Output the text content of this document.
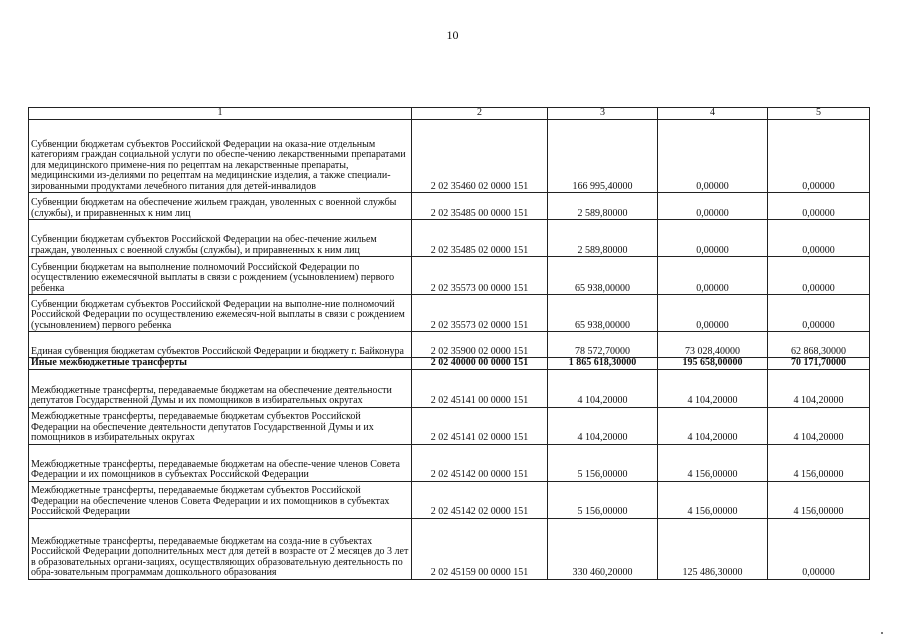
10
1	2	3	4	5
Субвенции бюджетам субъектов Российской Федерации на оказа-ние отдельным категориям граждан социальной услуги по обеспе-чению лекарственными препаратами для медицинского примене-ния по рецептам на лекарственные препараты, медицинскими из-делиями по рецептам на медицинские изделия, а также специали-зированными продуктами лечебного питания для детей-инвалидов	2 02 35460 02 0000 151	166 995,40000	0,00000	0,00000
Субвенции бюджетам на обеспечение жильем граждан, уволенных с военной службы (службы), и приравненных к ним лиц	2 02 35485 00 0000 151	2 589,80000	0,00000	0,00000
Субвенции бюджетам субъектов Российской Федерации на обес-печение жильем граждан, уволенных с военной службы (службы), и приравненных к ним лиц	2 02 35485 02 0000 151	2 589,80000	0,00000	0,00000
Субвенции бюджетам на выполнение полномочий Российской Федерации по осуществлению ежемесячной выплаты в связи с рождением (усыновлением) первого ребенка	2 02 35573 00 0000 151	65 938,00000	0,00000	0,00000
Субвенции бюджетам субъектов Российской Федерации на выполне-ние полномочий Российской Федерации по осуществлению ежемесяч-ной выплаты в связи с рождением (усыновлением) первого ребенка	2 02 35573 02 0000 151	65 938,00000	0,00000	0,00000
Единая субвенция бюджетам субъектов Российской Федерации и бюджету г. Байконура	2 02 35900 02 0000 151	78 572,70000	73 028,40000	62 868,30000
Иные межбюджетные трансферты	2 02 40000 00 0000 151	1 865 618,30000	195 658,00000	70 171,70000
Межбюджетные трансферты, передаваемые бюджетам на обеспечение деятельности депутатов Государственной Думы и их помощников в избирательных округах	2 02 45141 00 0000 151	4 104,20000	4 104,20000	4 104,20000
Межбюджетные трансферты, передаваемые бюджетам субъектов Российской Федерации на обеспечение деятельности депутатов Государственной Думы и их помощников в избирательных округах	2 02 45141 02 0000 151	4 104,20000	4 104,20000	4 104,20000
Межбюджетные трансферты, передаваемые бюджетам на обеспе-чение членов Совета Федерации и их помощников в субъектах Российской Федерации	2 02 45142 00 0000 151	5 156,00000	4 156,00000	4 156,00000
Межбюджетные трансферты, передаваемые бюджетам субъектов Российской Федерации на обеспечение членов Совета Федерации и их помощников в субъектах Российской Федерации	2 02 45142 02 0000 151	5 156,00000	4 156,00000	4 156,00000
Межбюджетные трансферты, передаваемые бюджетам на созда-ние в субъектах Российской Федерации дополнительных мест для детей в возрасте от 2 месяцев до 3 лет в образовательных органи-зациях, осуществляющих образовательную деятельность по обра-зовательным программам дошкольного образования	2 02 45159 00 0000 151	330 460,20000	125 486,30000	0,00000
